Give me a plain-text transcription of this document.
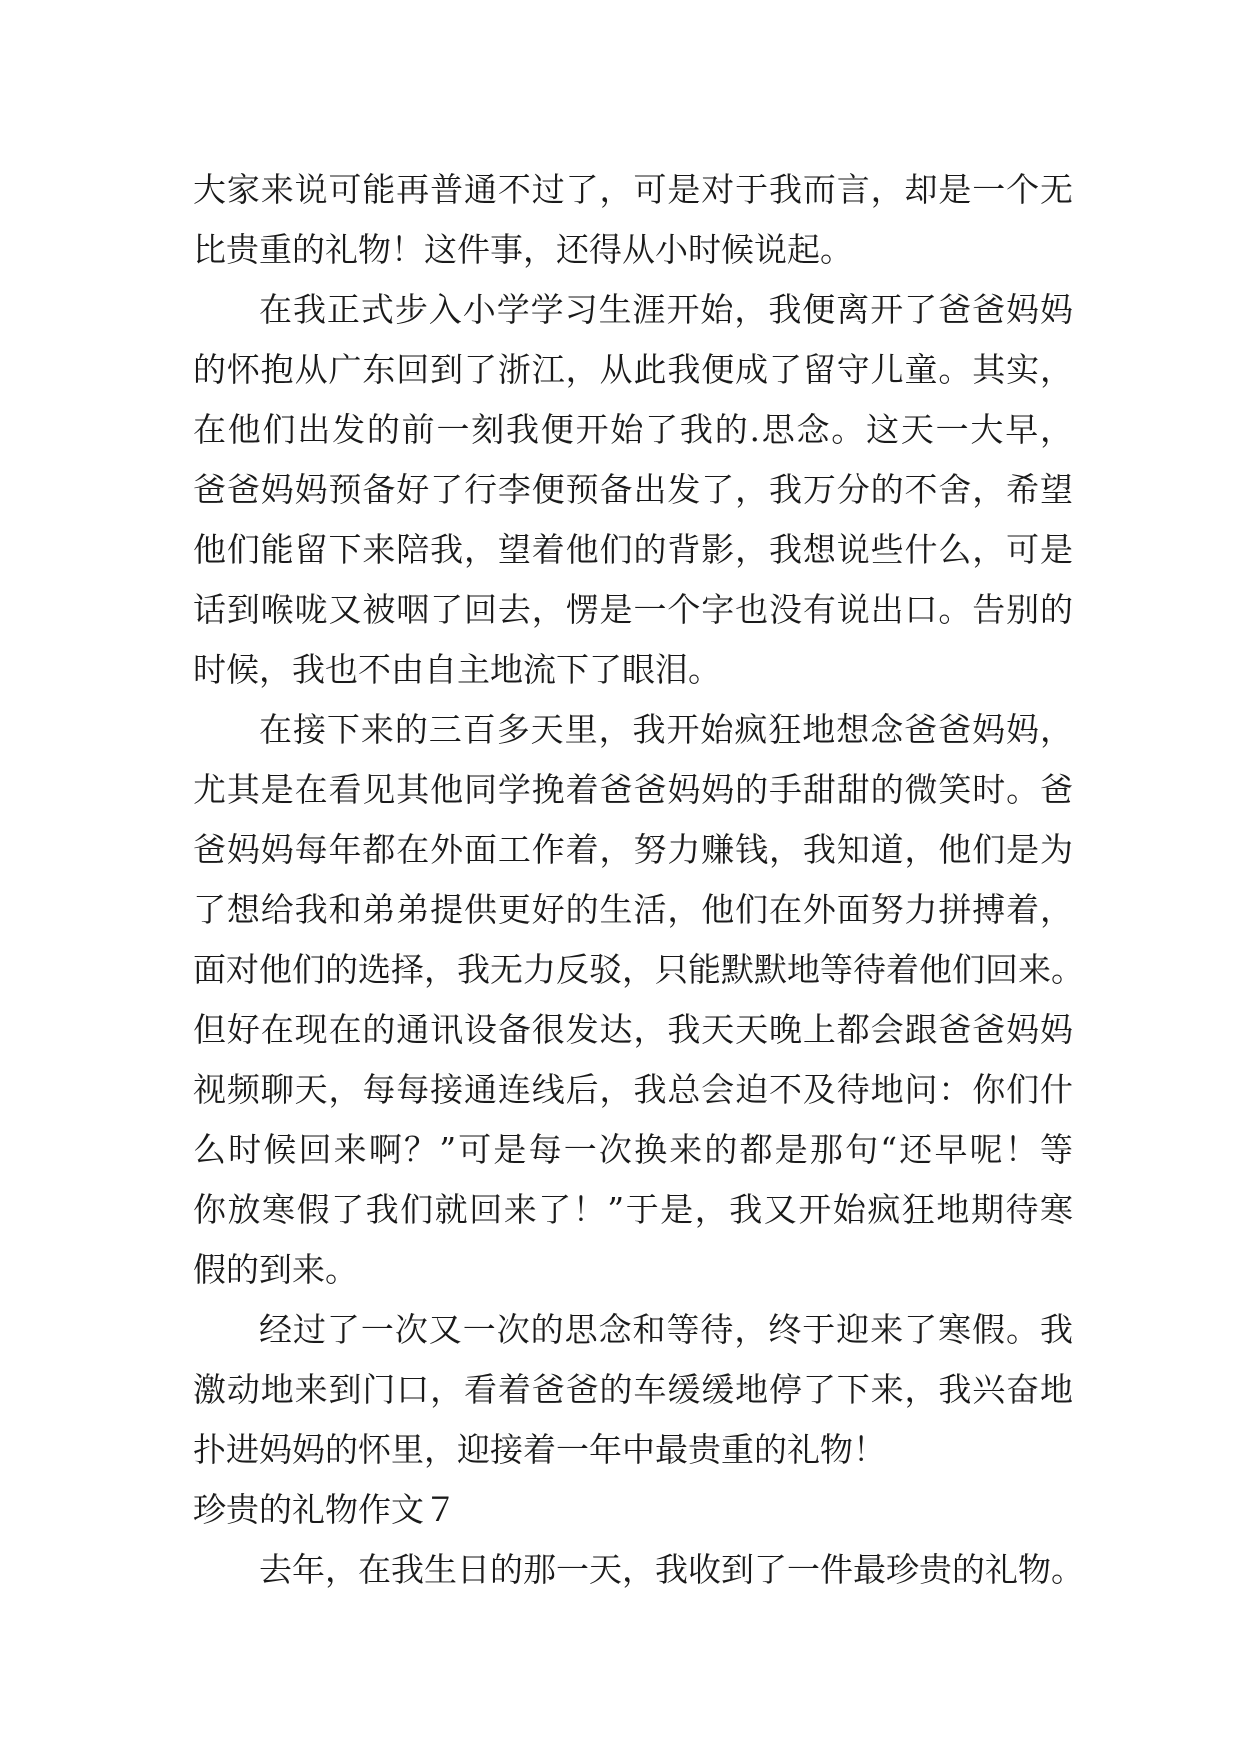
大家来说可能再普通不过了，可是对于我而言，却是一个无
比贵重的礼物！这件事，还得从小时候说起。
在我正式步入小学学习生涯开始，我便离开了爸爸妈妈
的怀抱从广东回到了浙江，从此我便成了留守儿童。其实，
在他们出发的前一刻我便开始了我的.思念。这天一大早，
爸爸妈妈预备好了行李便预备出发了，我万分的不舍，希望
他们能留下来陪我，望着他们的背影，我想说些什么，可是
话到喉咙又被咽了回去，愣是一个字也没有说出口。告别的
时候，我也不由自主地流下了眼泪。
在接下来的三百多天里，我开始疯狂地想念爸爸妈妈，
尤其是在看见其他同学挽着爸爸妈妈的手甜甜的微笑时。爸
爸妈妈每年都在外面工作着，努力赚钱，我知道，他们是为
了想给我和弟弟提供更好的生活，他们在外面努力拼搏着，
面对他们的选择，我无力反驳，只能默默地等待着他们回来。
但好在现在的通讯设备很发达，我天天晚上都会跟爸爸妈妈
视频聊天，每每接通连线后，我总会迫不及待地问：你们什
么时候回来啊？”可是每一次换来的都是那句“还早呢！等
你放寒假了我们就回来了！”于是，我又开始疯狂地期待寒
假的到来。
经过了一次又一次的思念和等待，终于迎来了寒假。我
激动地来到门口，看着爸爸的车缓缓地停了下来，我兴奋地
扑进妈妈的怀里，迎接着一年中最贵重的礼物！
珍贵的礼物作文７
去年，在我生日的那一天，我收到了一件最珍贵的礼物。
